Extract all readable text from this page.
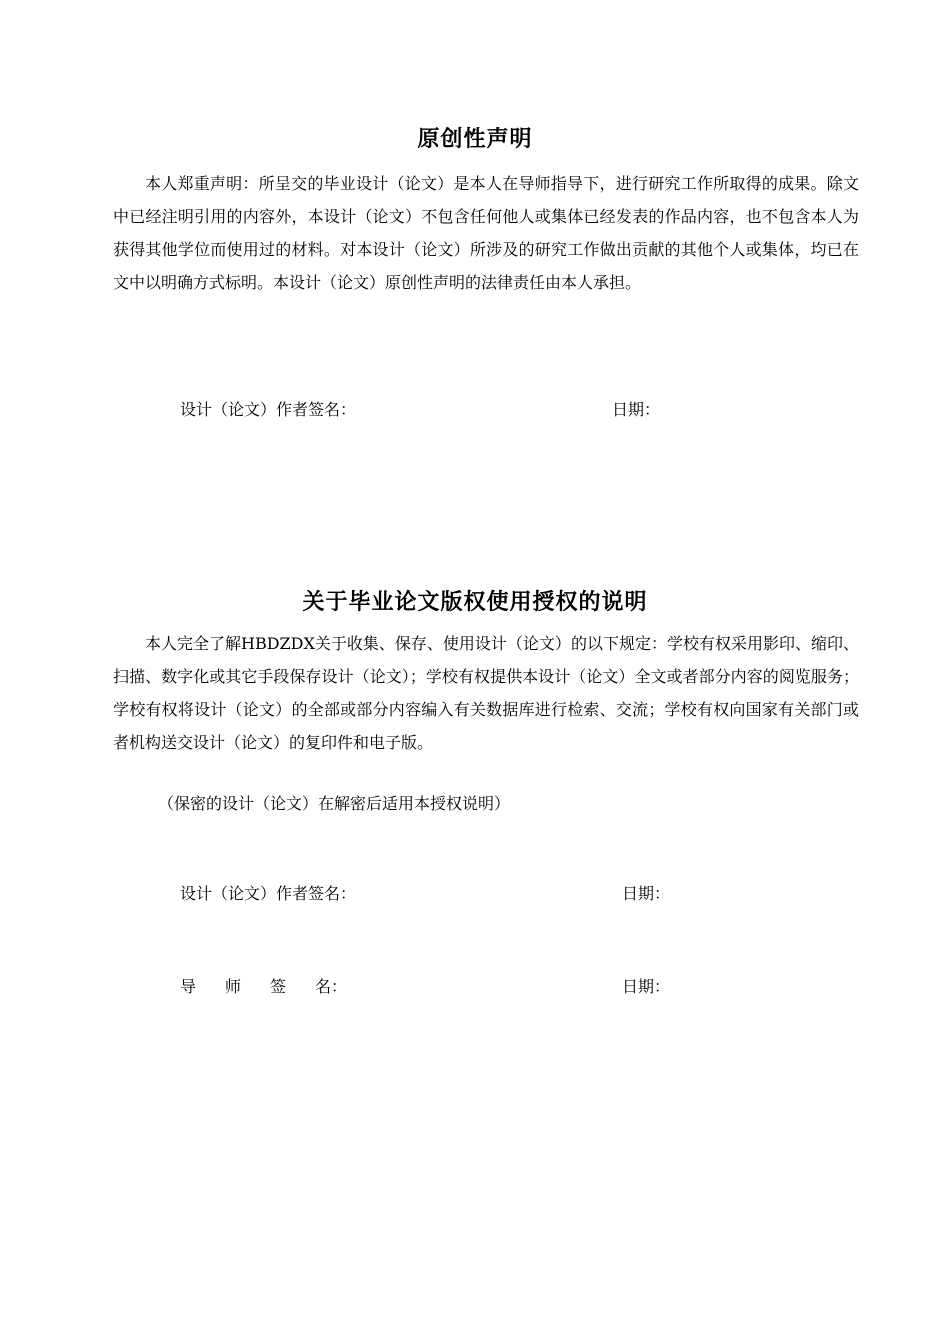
原创性声明

本人郑重声明：所呈交的毕业设计（论文）是本人在导师指导下，进行研究工作所取得的成果。除文中已经注明引用的内容外，本设计（论文）不包含任何他人或集体已经发表的作品内容，也不包含本人为获得其他学位而使用过的材料。对本设计（论文）所涉及的研究工作做出贡献的其他个人或集体，均已在文中以明确方式标明。本设计（论文）原创性声明的法律责任由本人承担。

设计（论文）作者签名：	日期：
关于毕业论文版权使用授权的说明

本人完全了解HBDZDX关于收集、保存、使用设计（论文）的以下规定：学校有权采用影印、缩印、扫描、数字化或其它手段保存设计（论文）；学校有权提供本设计（论文）全文或者部分内容的阅览服务；学校有权将设计（论文）的全部或部分内容编入有关数据库进行检索、交流；学校有权向国家有关部门或者机构送交设计（论文）的复印件和电子版。

（保密的设计（论文）在解密后适用本授权说明）

设计（论文）作者签名：	日期：
导 师 签 名：	日期：
